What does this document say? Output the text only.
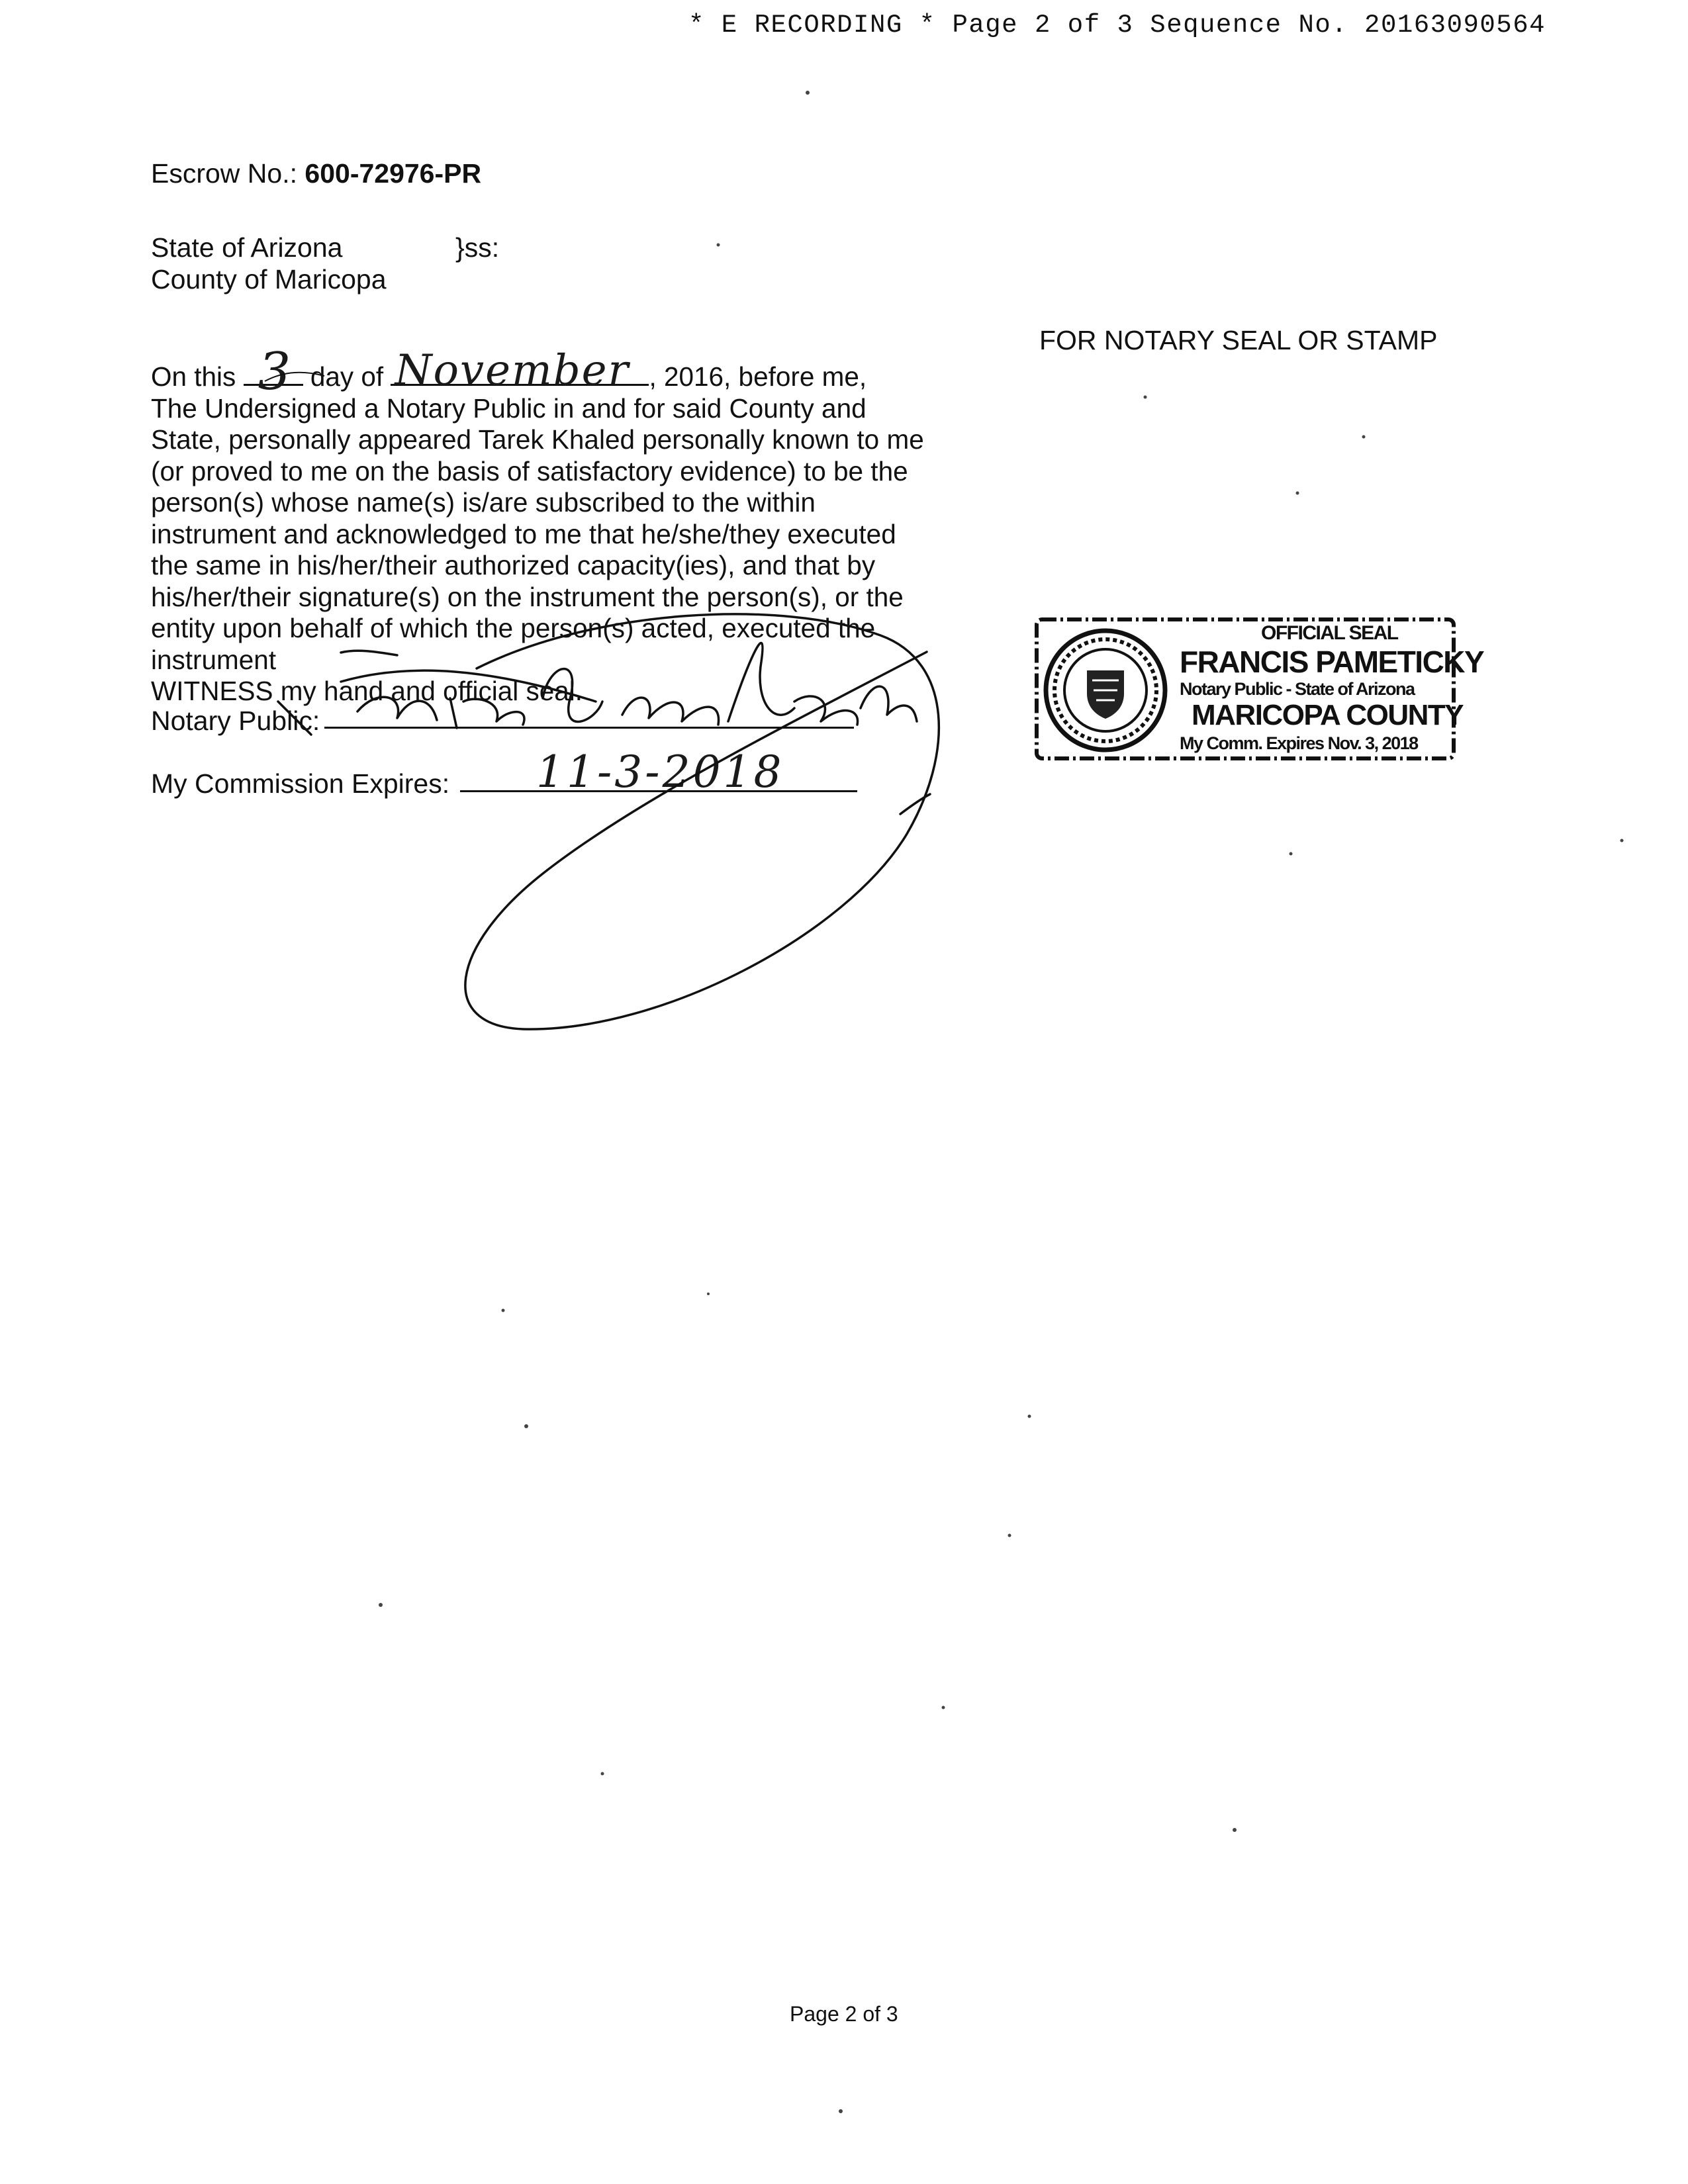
* E RECORDING * Page 2 of 3 Sequence No. 20163090564
Escrow No.: 600-72976-PR
State of Arizona	}ss:
County of Maricopa
On this 3 day of November , 2016, before me,
The Undersigned a Notary Public in and for said County and
State, personally appeared Tarek Khaled personally known to me
(or proved to me on the basis of satisfactory evidence) to be the
person(s) whose name(s) is/are subscribed to the within
instrument and acknowledged to me that he/she/they executed
the same in his/her/their authorized capacity(ies), and that by
his/her/their signature(s) on the instrument the person(s), or the
entity upon behalf of which the person(s) acted, executed the
instrument
WITNESS my hand and official seal.
Notary Public:
My Commission Expires: 11-3-2018
FOR NOTARY SEAL OR STAMP
OFFICIAL SEAL
FRANCIS PAMETICKY
Notary Public - State of Arizona
MARICOPA COUNTY
My Comm. Expires Nov. 3, 2018
Page 2 of 3
